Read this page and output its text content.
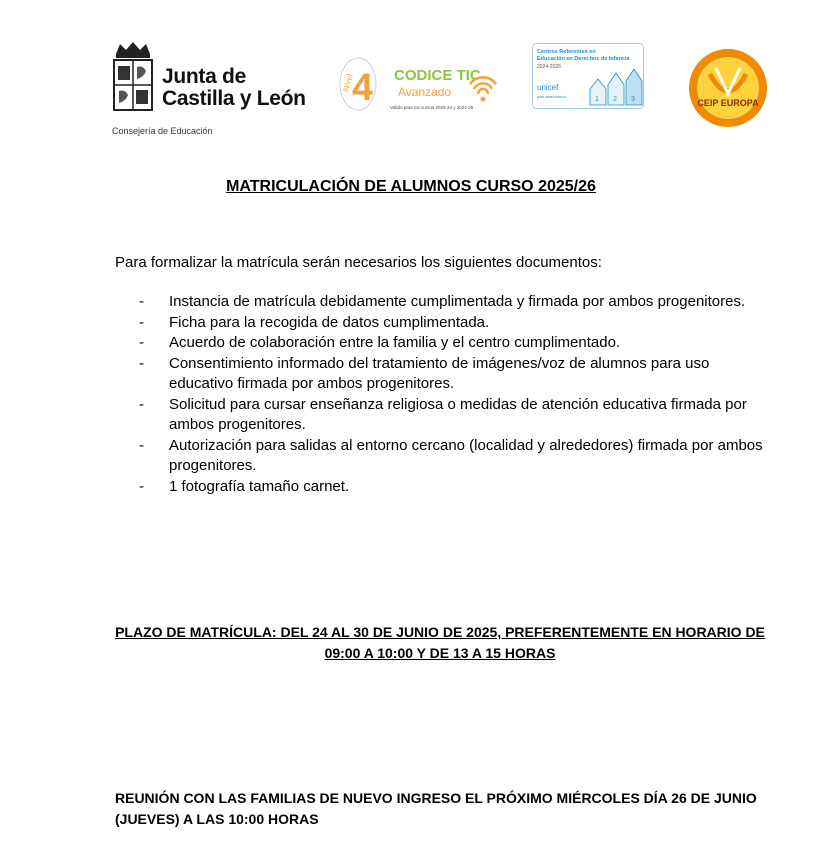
Junta de
Castilla y León
Consejería de Educación
Nivel
4 CODICE TIC
Avanzado
Válido para los cursos 2023-24 y 2024-25
Centros Referentes en
Educación en Derechos de Infancia
2024-2026
unicef
para cada infancia	1 2 3	CEIP EUROPA
MATRICULACIÓN DE ALUMNOS CURSO 2025/26
Para formalizar la matrícula serán necesarios los siguientes documentos:
- Instancia de matrícula debidamente cumplimentada y firmada por ambos progenitores.
- Ficha para la recogida de datos cumplimentada.
- Acuerdo de colaboración entre la familia y el centro cumplimentado.
- Consentimiento informado del tratamiento de imágenes/voz de alumnos para uso educativo firmada por ambos progenitores.
- Solicitud para cursar enseñanza religiosa o medidas de atención educativa firmada por ambos progenitores.
- Autorización para salidas al entorno cercano (localidad y alrededores) firmada por ambos progenitores.
- 1 fotografía tamaño carnet.
PLAZO DE MATRÍCULA: DEL 24 AL 30 DE JUNIO DE 2025, PREFERENTEMENTE EN HORARIO DE
09:00 A 10:00 Y DE 13 A 15 HORAS
REUNIÓN CON LAS FAMILIAS DE NUEVO INGRESO EL PRÓXIMO MIÉRCOLES DÍA 26 DE JUNIO
(JUEVES) A LAS 10:00 HORAS
